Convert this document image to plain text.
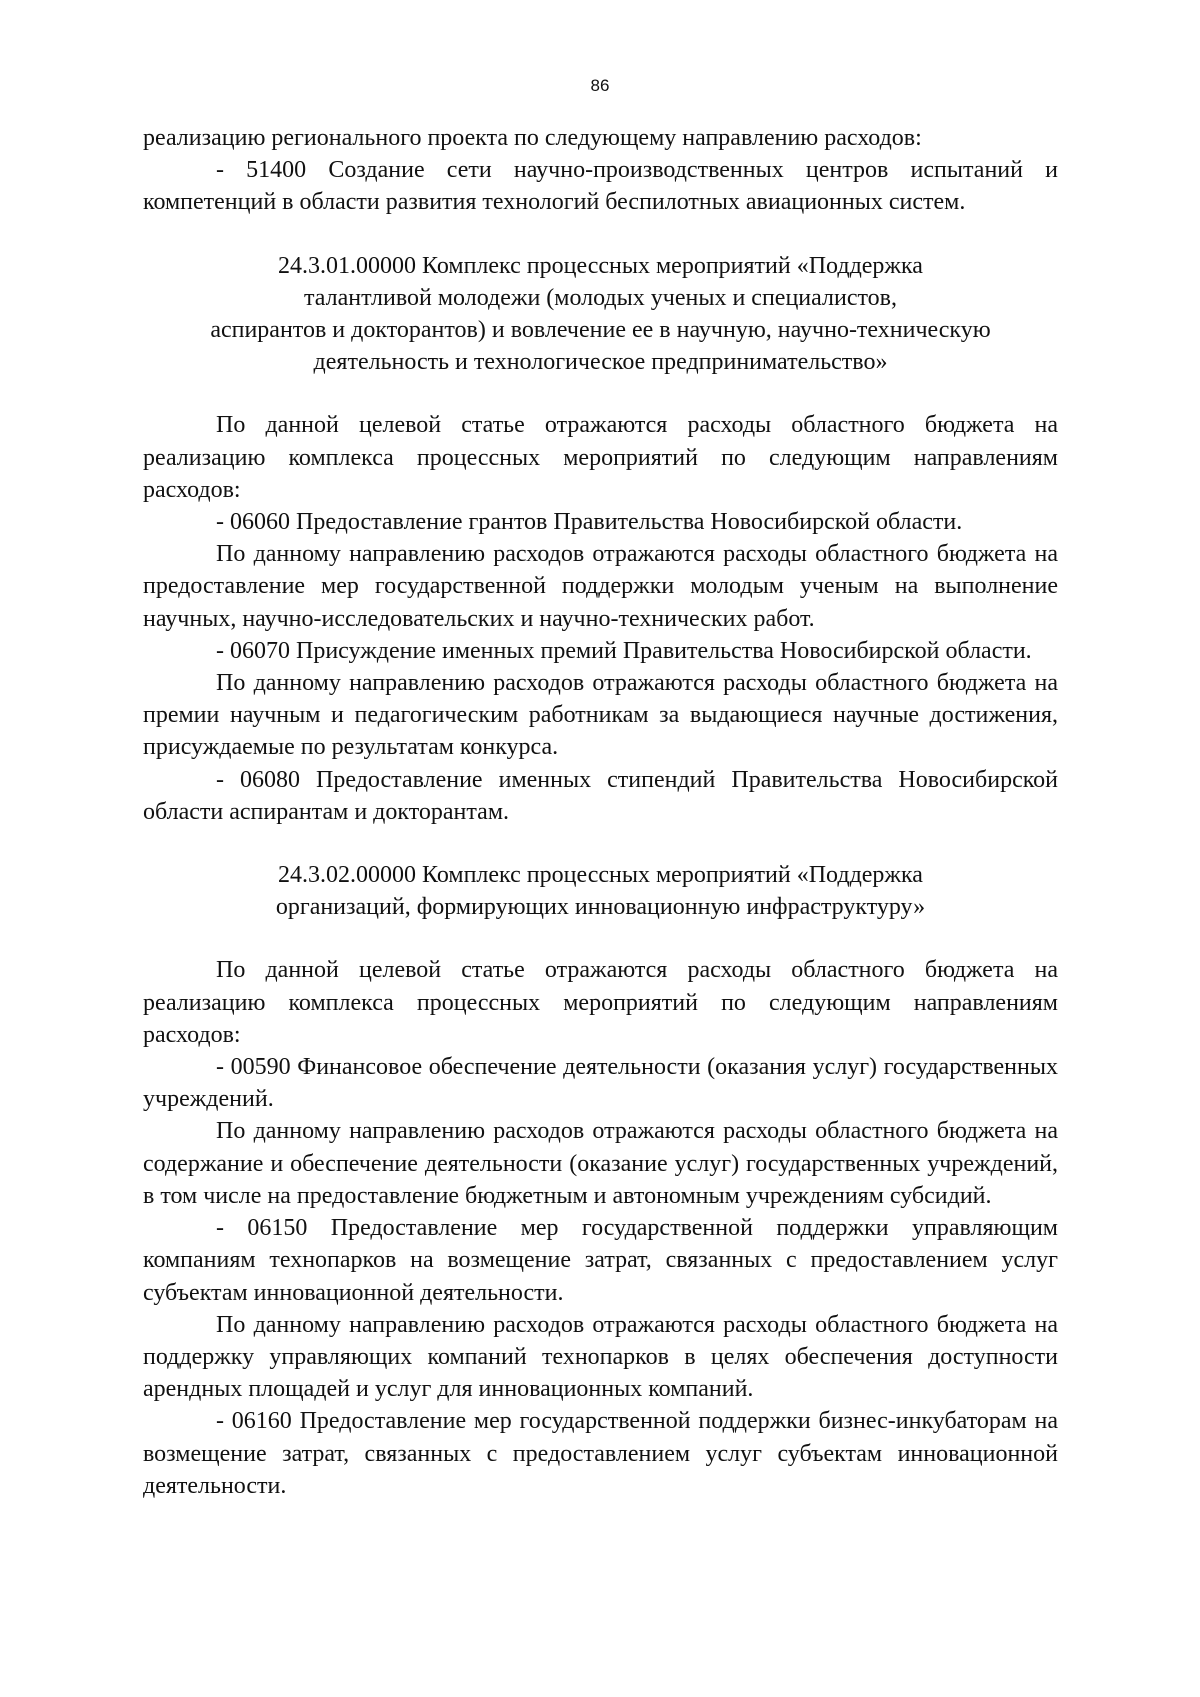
86

реализацию регионального проекта по следующему направлению расходов:

- 51400 Создание сети научно-производственных центров испытаний и компетенций в области развития технологий беспилотных авиационных систем.

24.3.01.00000 Комплекс процессных мероприятий «Поддержка
талантливой молодежи (молодых ученых и специалистов,
аспирантов и докторантов) и вовлечение ее в научную, научно-техническую
деятельность и технологическое предпринимательство»

По данной целевой статье отражаются расходы областного бюджета на реализацию комплекса процессных мероприятий по следующим направлениям расходов:

- 06060 Предоставление грантов Правительства Новосибирской области.

По данному направлению расходов отражаются расходы областного бюджета на предоставление мер государственной поддержки молодым ученым на выполнение научных, научно-исследовательских и научно-технических работ.

- 06070 Присуждение именных премий Правительства Новосибирской области.

По данному направлению расходов отражаются расходы областного бюджета на премии научным и педагогическим работникам за выдающиеся научные достижения, присуждаемые по результатам конкурса.

- 06080 Предоставление именных стипендий Правительства Новосибирской области аспирантам и докторантам.

24.3.02.00000 Комплекс процессных мероприятий «Поддержка
организаций, формирующих инновационную инфраструктуру»

По данной целевой статье отражаются расходы областного бюджета на реализацию комплекса процессных мероприятий по следующим направлениям расходов:

- 00590 Финансовое обеспечение деятельности (оказания услуг) государственных учреждений.

По данному направлению расходов отражаются расходы областного бюджета на содержание и обеспечение деятельности (оказание услуг) государственных учреждений, в том числе на предоставление бюджетным и автономным учреждениям субсидий.

- 06150 Предоставление мер государственной поддержки управляющим компаниям технопарков на возмещение затрат, связанных с предоставлением услуг субъектам инновационной деятельности.

По данному направлению расходов отражаются расходы областного бюджета на поддержку управляющих компаний технопарков в целях обеспечения доступности арендных площадей и услуг для инновационных компаний.

- 06160 Предоставление мер государственной поддержки бизнес-инкубаторам на возмещение затрат, связанных с предоставлением услуг субъектам инновационной деятельности.
